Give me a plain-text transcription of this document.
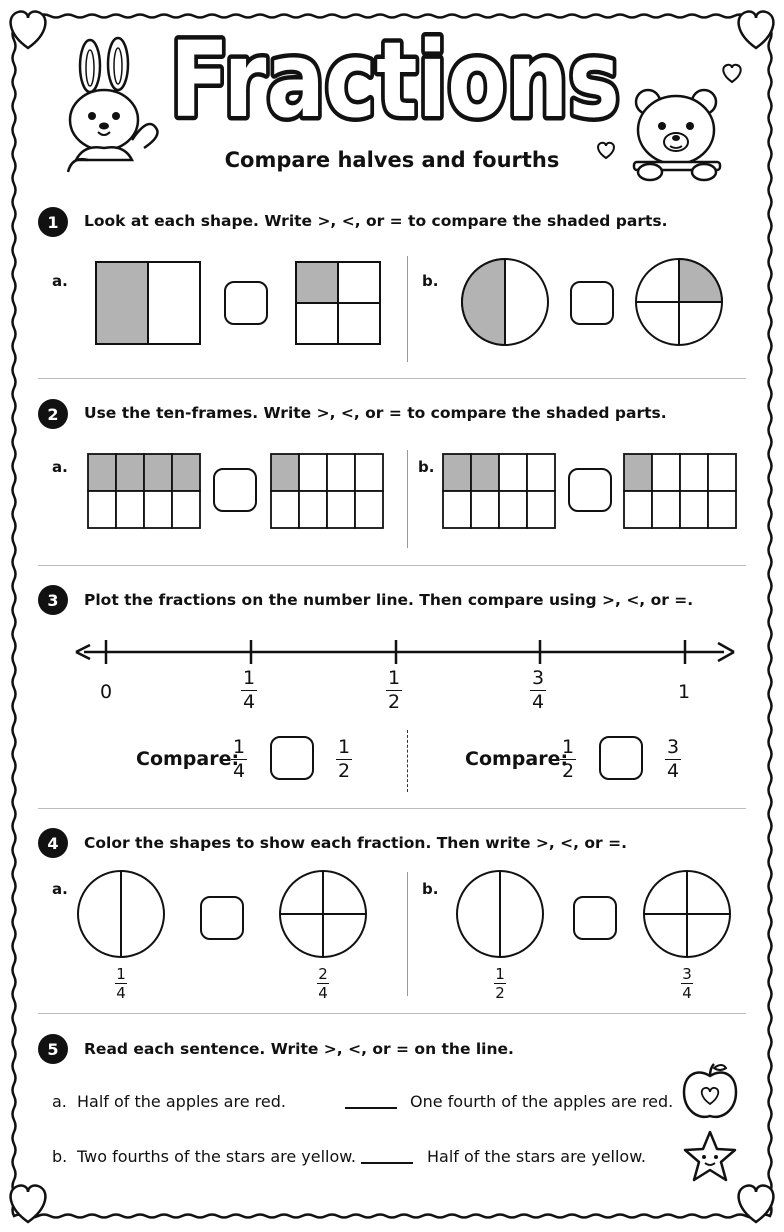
Fractions
Compare halves and fourths
1	Look at each shape. Write >, <, or = to compare the shaded parts.
a.	b.
2	Use the ten-frames. Write >, <, or = to compare the shaded parts.
a.	b.
3	Plot the fractions on the number line. Then compare using >, <, or =.
0
1
4
1
2
3
4	1
Compare:
1
4
1
2
Compare:
1
2
3
4
4	Color the shapes to show each fraction. Then write >, <, or =.
a.	b.
1
4
2
4
1
2
3
4
5	Read each sentence. Write >, <, or = on the line.
a. Half of the apples are red.	One fourth of the apples are red.
b. Two fourths of the stars are yellow.	Half of the stars are yellow.
